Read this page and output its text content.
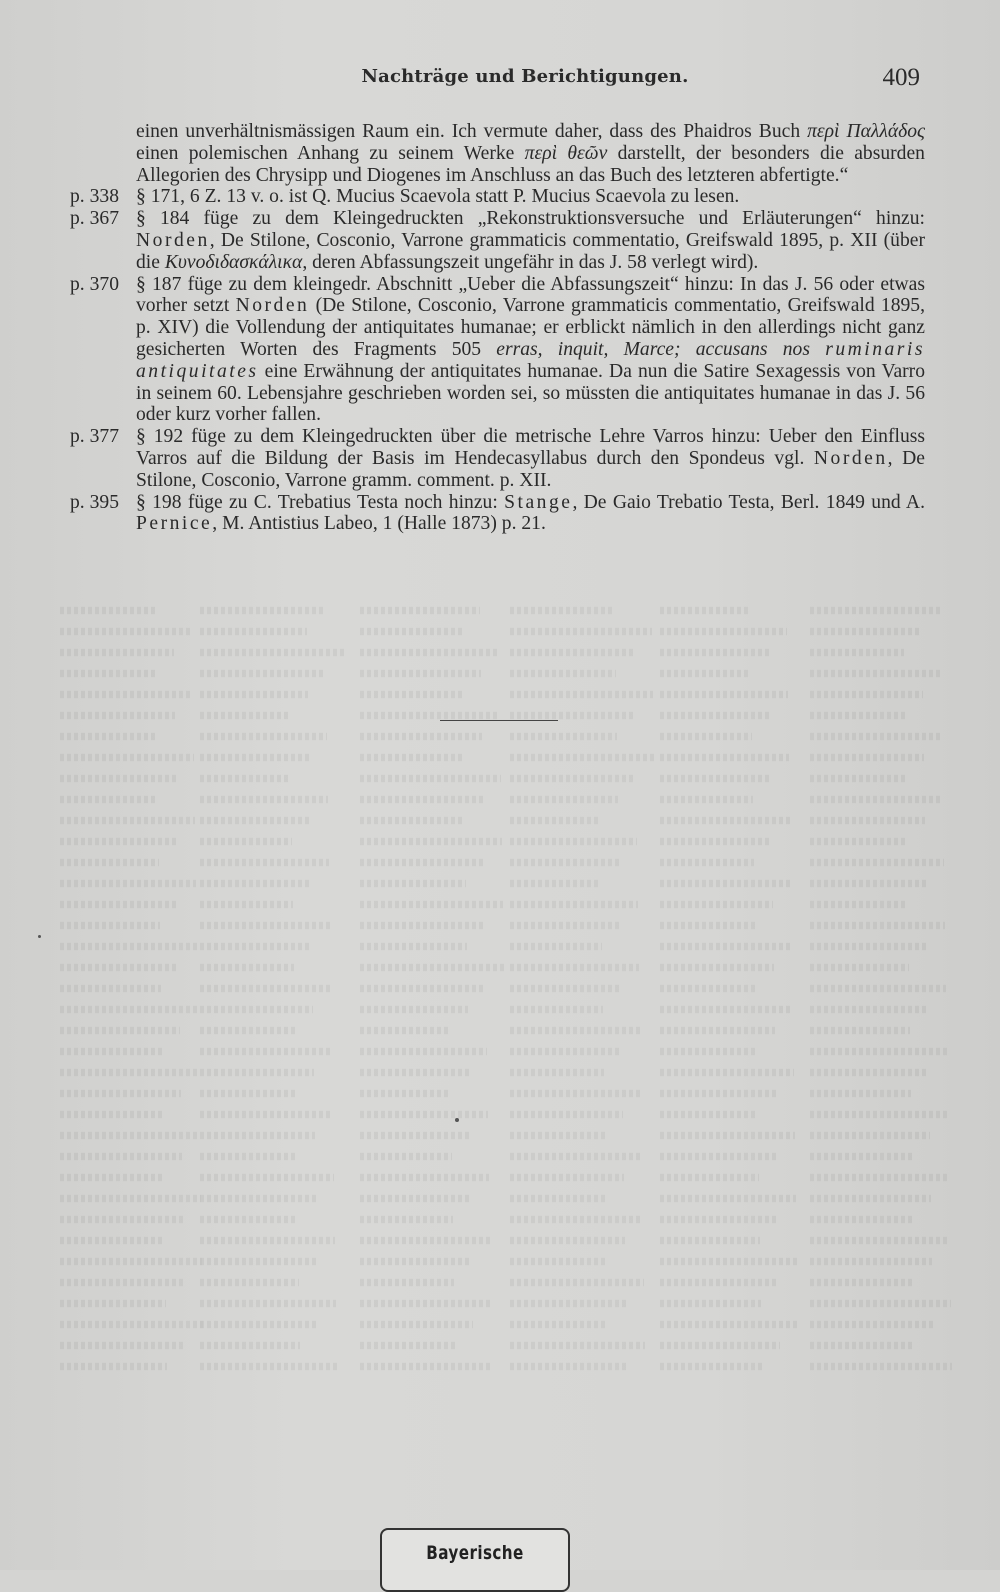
Nachträge und Berichtigungen.	409

einen unverhältnismässigen Raum ein. Ich vermute daher, dass des Phaidros Buch περὶ Παλλάδος einen polemischen Anhang zu seinem Werke περὶ θεῶν darstellt, der besonders die absurden Allegorien des Chrysipp und Diogenes im Anschluss an das Buch des letzteren abfertigte.“

p. 338 § 171, 6 Z. 13 v. o. ist Q. Mucius Scaevola statt P. Mucius Scaevola zu lesen.

p. 367 § 184 füge zu dem Kleingedruckten „Rekonstruktionsversuche und Erläuterungen“ hinzu: Norden, De Stilone, Cosconio, Varrone grammaticis commentatio, Greifswald 1895, p. XII (über die Κυνοδιδασκάλικα, deren Abfassungszeit ungefähr in das J. 58 verlegt wird).

p. 370 § 187 füge zu dem kleingedr. Abschnitt „Ueber die Abfassungszeit“ hinzu: In das J. 56 oder etwas vorher setzt Norden (De Stilone, Cosconio, Varrone grammaticis commentatio, Greifswald 1895, p. XIV) die Vollendung der antiquitates humanae; er erblickt nämlich in den allerdings nicht ganz gesicherten Worten des Fragments 505 erras, inquit, Marce; accusans nos ruminaris antiquitates eine Erwähnung der antiquitates humanae. Da nun die Satire Sexagessis von Varro in seinem 60. Lebensjahre geschrieben worden sei, so müssten die antiquitates humanae in das J. 56 oder kurz vorher fallen.

p. 377 § 192 füge zu dem Kleingedruckten über die metrische Lehre Varros hinzu: Ueber den Einfluss Varros auf die Bildung der Basis im Hendecasyllabus durch den Spondeus vgl. Norden, De Stilone, Cosconio, Varrone gramm. comment. p. XII.

p. 395 § 198 füge zu C. Trebatius Testa noch hinzu: Stange, De Gaio Trebatio Testa, Berl. 1849 und A. Pernice, M. Antistius Labeo, 1 (Halle 1873) p. 21.

Bayerische
